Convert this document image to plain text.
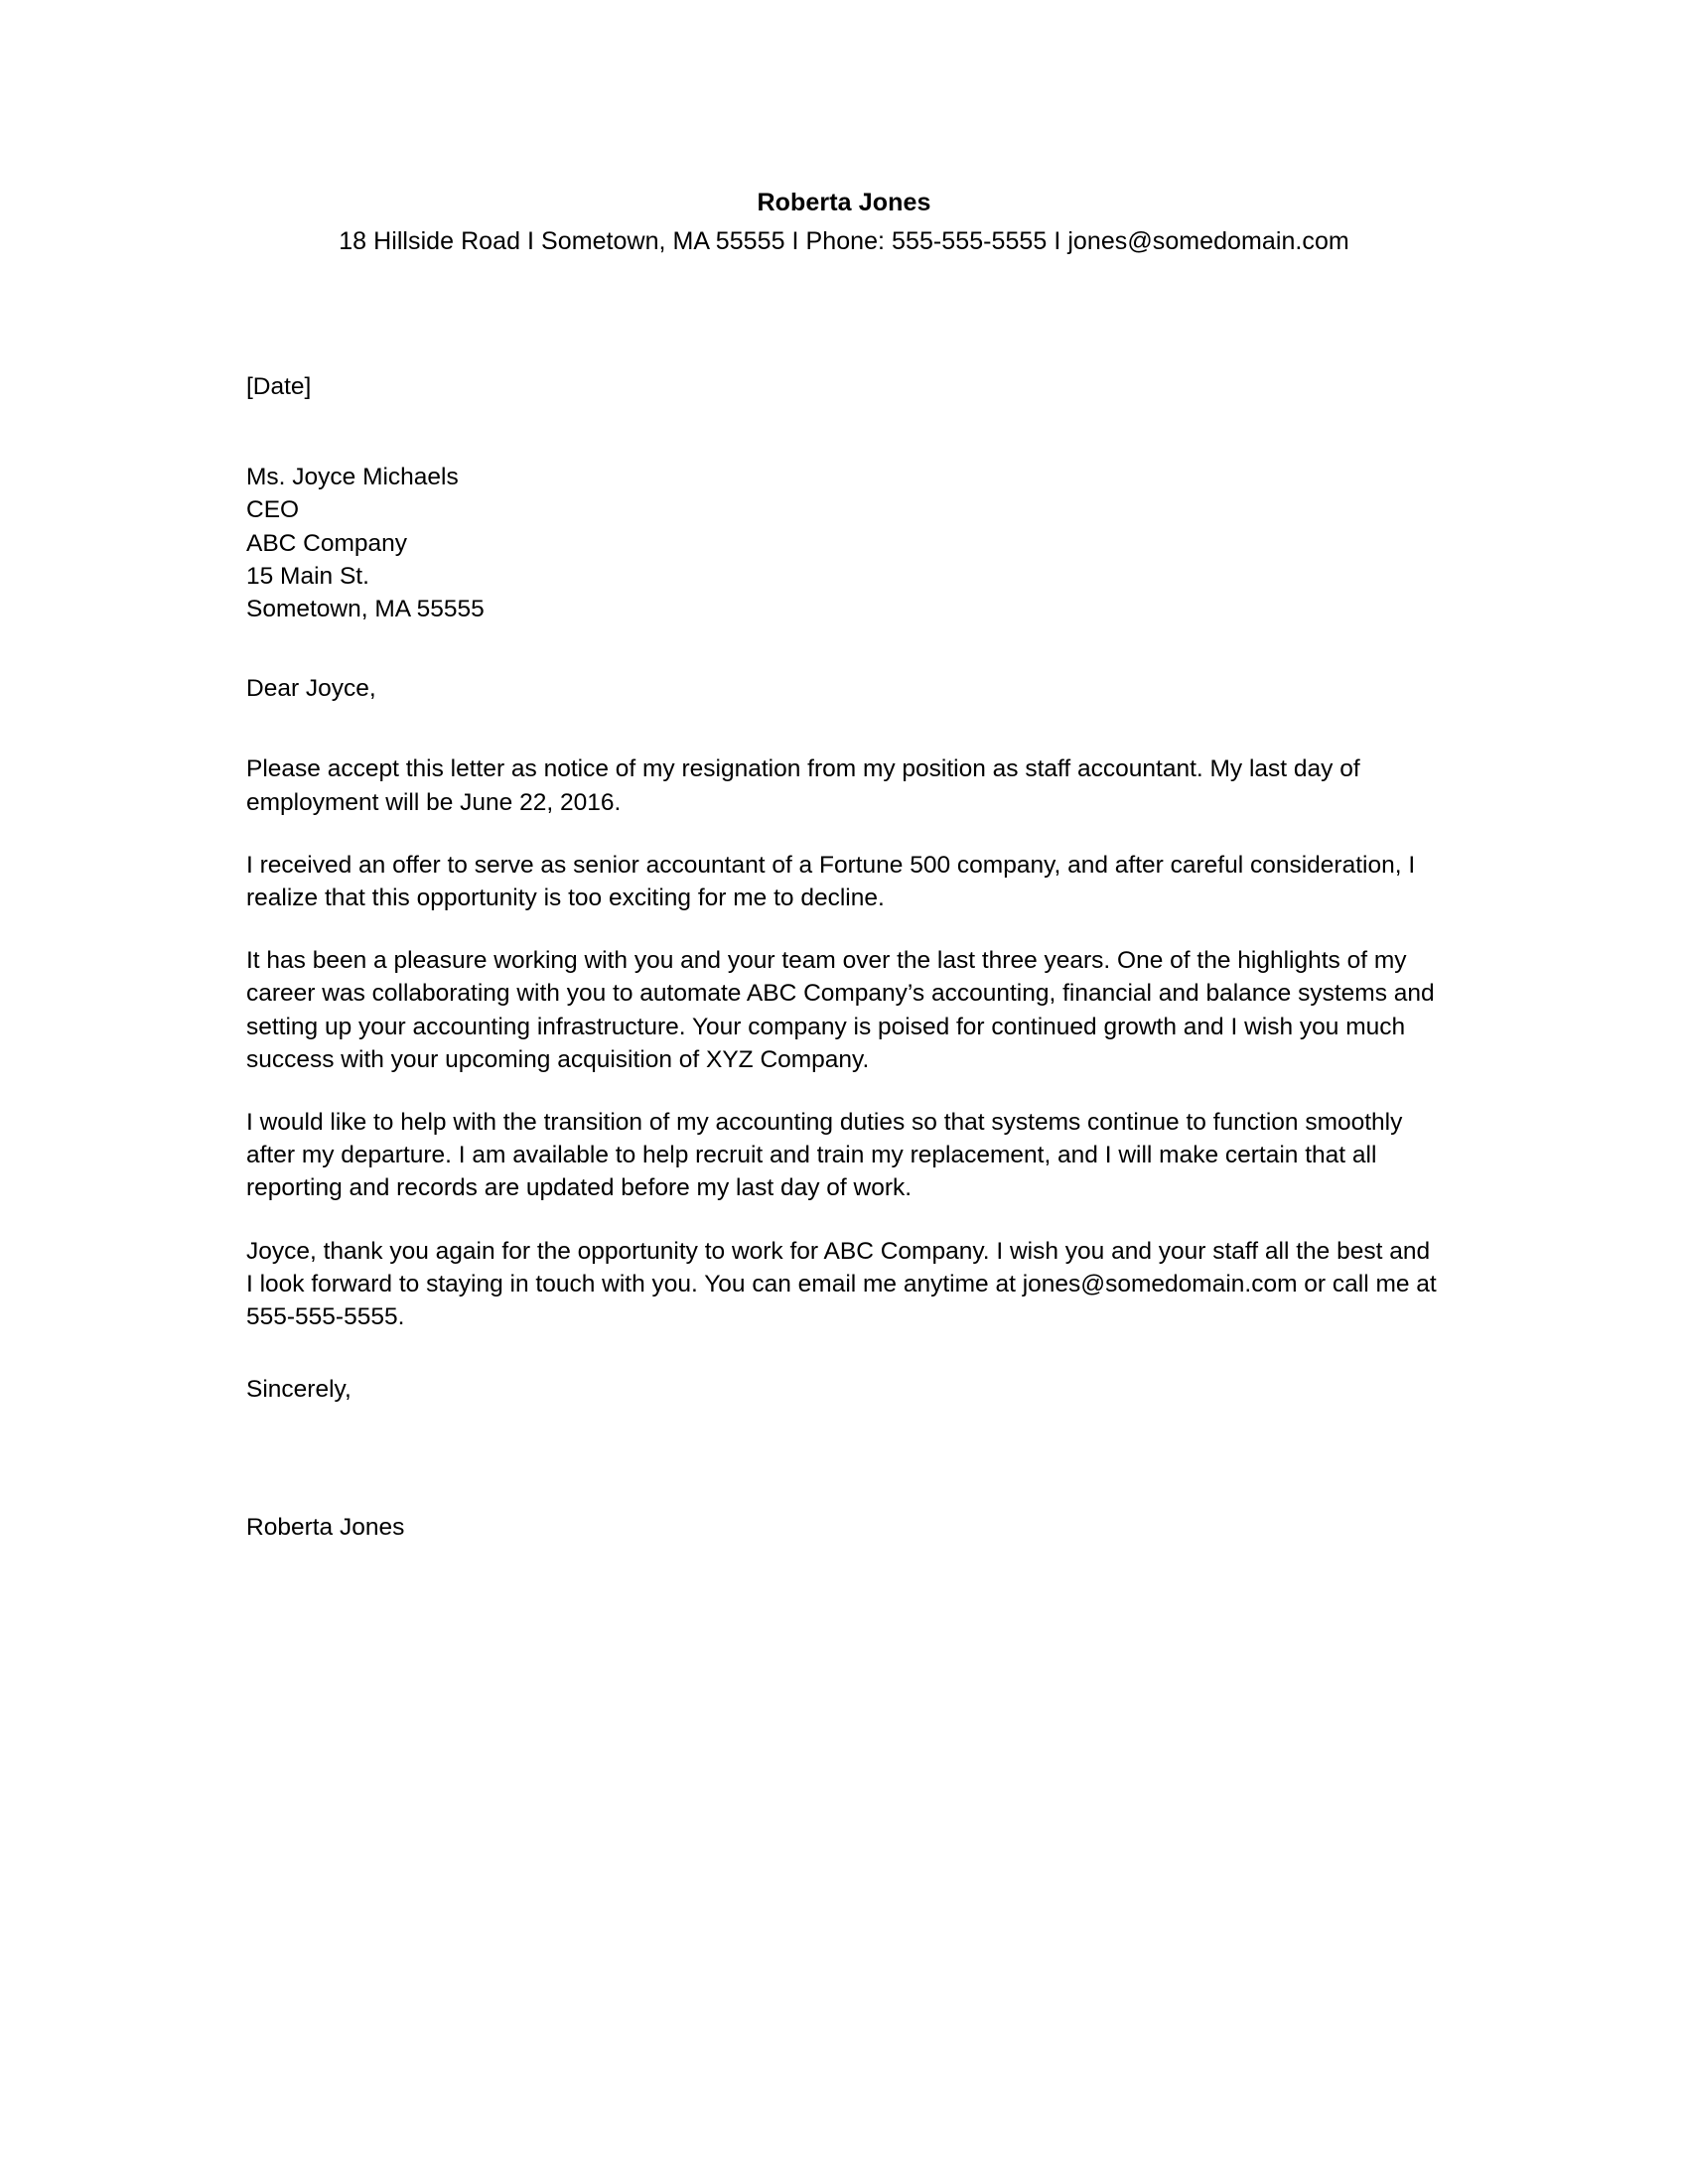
Roberta Jones
18 Hillside Road I Sometown, MA 55555 I Phone: 555-555-5555 I jones@somedomain.com
[Date]
Ms. Joyce Michaels
CEO
ABC Company
15 Main St.
Sometown, MA 55555
Dear Joyce,

Please accept this letter as notice of my resignation from my position as staff accountant. My last day of employment will be June 22, 2016.

I received an offer to serve as senior accountant of a Fortune 500 company, and after careful consideration, I realize that this opportunity is too exciting for me to decline.

It has been a pleasure working with you and your team over the last three years. One of the highlights of my career was collaborating with you to automate ABC Company’s accounting, financial and balance systems and setting up your accounting infrastructure. Your company is poised for continued growth and I wish you much success with your upcoming acquisition of XYZ Company.

I would like to help with the transition of my accounting duties so that systems continue to function smoothly after my departure. I am available to help recruit and train my replacement, and I will make certain that all reporting and records are updated before my last day of work.

Joyce, thank you again for the opportunity to work for ABC Company. I wish you and your staff all the best and I look forward to staying in touch with you. You can email me anytime at jones@somedomain.com or call me at 555-555-5555.

Sincerely,
Roberta Jones
